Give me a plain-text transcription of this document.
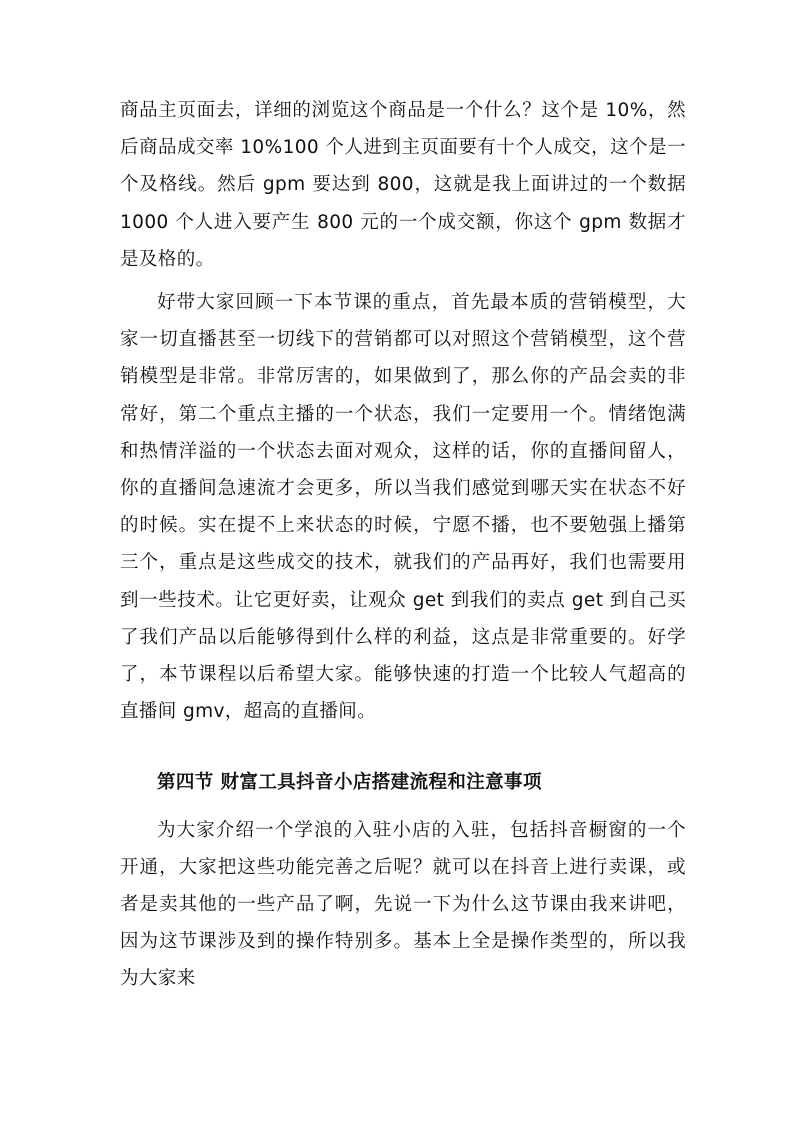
商品主页面去，详细的浏览这个商品是一个什么？这个是 10%，然后商品成交率 10%100 个人进到主页面要有十个人成交，这个是一个及格线。然后 gpm 要达到 800，这就是我上面讲过的一个数据 1000 个人进入要产生 800 元的一个成交额，你这个 gpm 数据才是及格的。

好带大家回顾一下本节课的重点，首先最本质的营销模型，大家一切直播甚至一切线下的营销都可以对照这个营销模型，这个营销模型是非常。非常厉害的，如果做到了，那么你的产品会卖的非常好，第二个重点主播的一个状态，我们一定要用一个。情绪饱满和热情洋溢的一个状态去面对观众，这样的话，你的直播间留人，你的直播间急速流才会更多，所以当我们感觉到哪天实在状态不好的时候。实在提不上来状态的时候，宁愿不播，也不要勉强上播第三个，重点是这些成交的技术，就我们的产品再好，我们也需要用到一些技术。让它更好卖，让观众 get 到我们的卖点 get 到自己买了我们产品以后能够得到什么样的利益，这点是非常重要的。好学了，本节课程以后希望大家。能够快速的打造一个比较人气超高的直播间 gmv，超高的直播间。

第四节 财富工具抖音小店搭建流程和注意事项

为大家介绍一个学浪的入驻小店的入驻，包括抖音橱窗的一个开通，大家把这些功能完善之后呢？就可以在抖音上进行卖课，或者是卖其他的一些产品了啊，先说一下为什么这节课由我来讲吧，因为这节课涉及到的操作特别多。基本上全是操作类型的，所以我为大家来
